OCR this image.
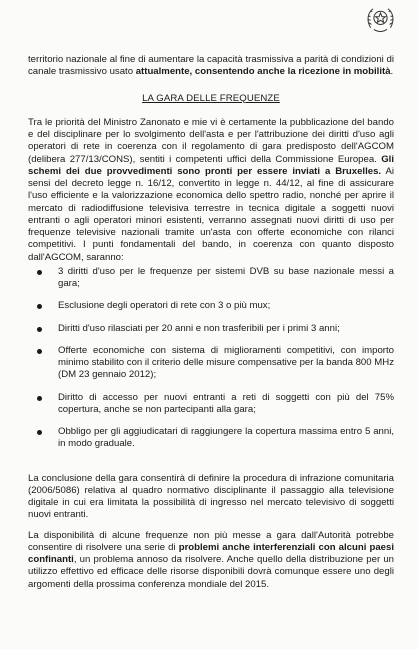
territorio nazionale al fine di aumentare la capacità trasmissiva a parità di condizioni di canale trasmissivo usato attualmente, consentendo anche la ricezione in mobilità.

LA GARA DELLE FREQUENZE

Tra le priorità del Ministro Zanonato e mie vi è certamente la pubblicazione del bando e del disciplinare per lo svolgimento dell'asta e per l'attribuzione dei diritti d'uso agli operatori di rete in coerenza con il regolamento di gara predisposto dell'AGCOM (delibera 277/13/CONS), sentiti i competenti uffici della Commissione Europea. Gli schemi dei due provvedimenti sono pronti per essere inviati a Bruxelles. Ai sensi del decreto legge n. 16/12, convertito in legge n. 44/12, al fine di assicurare l'uso efficiente e la valorizzazione economica dello spettro radio, nonché per aprire il mercato di radiodiffusione televisiva terrestre in tecnica digitale a soggetti nuovi entranti o agli operatori minori esistenti, verranno assegnati nuovi diritti di uso per frequenze televisive nazionali tramite un'asta con offerte economiche con rilanci competitivi. I punti fondamentali del bando, in coerenza con quanto disposto dall'AGCOM, saranno:

3 diritti d'uso per le frequenze per sistemi DVB su base nazionale messi a gara;
Esclusione degli operatori di rete con 3 o più mux;
Diritti d'uso rilasciati per 20 anni e non trasferibili per i primi 3 anni;
Offerte economiche con sistema di miglioramenti competitivi, con importo minimo stabilito con il criterio delle misure compensative per la banda 800 MHz (DM 23 gennaio 2012);
Diritto di accesso per nuovi entranti a reti di soggetti con più del 75% copertura, anche se non partecipanti alla gara;
Obbligo per gli aggiudicatari di raggiungere la copertura massima entro 5 anni, in modo graduale.

La conclusione della gara consentirà di definire la procedura di infrazione comunitaria (2006/5086) relativa al quadro normativo disciplinante il passaggio alla televisione digitale in cui era limitata la possibilità di ingresso nel mercato televisivo di soggetti nuovi entranti.

La disponibilità di alcune frequenze non più messe a gara dall'Autorità potrebbe consentire di risolvere una serie di problemi anche interferenziali con alcuni paesi confinanti, un problema annoso da risolvere. Anche quello della distribuzione per un utilizzo effettivo ed efficace delle risorse disponibili dovrà comunque essere uno degli argomenti della prossima conferenza mondiale del 2015.
